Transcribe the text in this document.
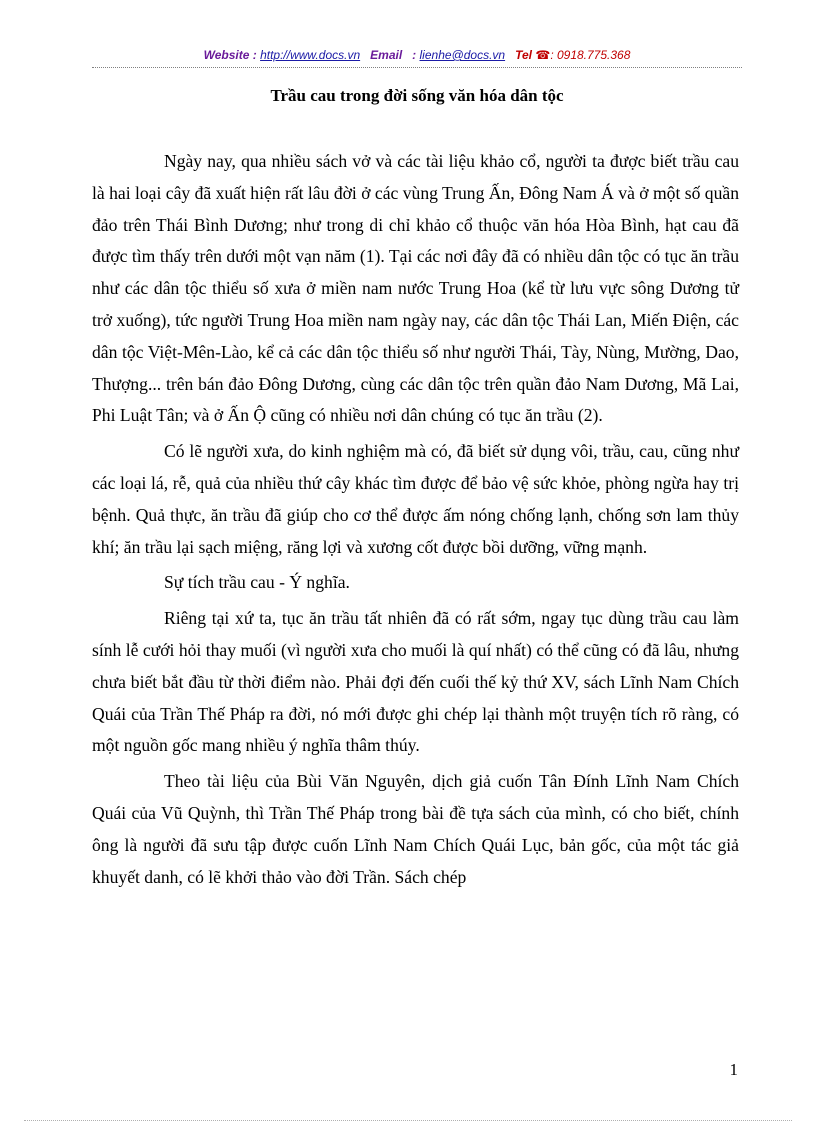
Website : http://www.docs.vn Email : lienhe@docs.vn Tel ☎: 0918.775.368
Trầu cau trong đời sống văn hóa dân tộc

Ngày nay, qua nhiều sách vở và các tài liệu khảo cổ, người ta được biết trầu cau là hai loại cây đã xuất hiện rất lâu đời ở các vùng Trung Ấn, Đông Nam Á và ở một số quần đảo trên Thái Bình Dương; như trong di chỉ khảo cổ thuộc văn hóa Hòa Bình, hạt cau đã được tìm thấy trên dưới một vạn năm (1). Tại các nơi đây đã có nhiều dân tộc có tục ăn trầu như các dân tộc thiểu số xưa ở miền nam nước Trung Hoa (kể từ lưu vực sông Dương tử trở xuống), tức người Trung Hoa miền nam ngày nay, các dân tộc Thái Lan, Miến Điện, các dân tộc Việt-Mên-Lào, kể cả các dân tộc thiểu số như người Thái, Tày, Nùng, Mường, Dao, Thượng... trên bán đảo Đông Dương, cùng các dân tộc trên quần đảo Nam Dương, Mã Lai, Phi Luật Tân; và ở Ấn Ộ cũng có nhiều nơi dân chúng có tục ăn trầu (2).

Có lẽ người xưa, do kinh nghiệm mà có, đã biết sử dụng vôi, trầu, cau, cũng như các loại lá, rễ, quả của nhiều thứ cây khác tìm được để bảo vệ sức khỏe, phòng ngừa hay trị bệnh. Quả thực, ăn trầu đã giúp cho cơ thể được ấm nóng chống lạnh, chống sơn lam thủy khí; ăn trầu lại sạch miệng, răng lợi và xương cốt được bồi dưỡng, vững mạnh.

Sự tích trầu cau - Ý nghĩa.

Riêng tại xứ ta, tục ăn trầu tất nhiên đã có rất sớm, ngay tục dùng trầu cau làm sính lễ cưới hỏi thay muối (vì người xưa cho muối là quí nhất) có thể cũng có đã lâu, nhưng chưa biết bắt đầu từ thời điểm nào. Phải đợi đến cuối thế kỷ thứ XV, sách Lĩnh Nam Chích Quái của Trần Thế Pháp ra đời, nó mới được ghi chép lại thành một truyện tích rõ ràng, có một nguồn gốc mang nhiều ý nghĩa thâm thúy.

Theo tài liệu của Bùi Văn Nguyên, dịch giả cuốn Tân Đính Lĩnh Nam Chích Quái của Vũ Quỳnh, thì Trần Thế Pháp trong bài đề tựa sách của mình, có cho biết, chính ông là người đã sưu tập được cuốn Lĩnh Nam Chích Quái Lục, bản gốc, của một tác giả khuyết danh, có lẽ khởi thảo vào đời Trần. Sách chép

1
